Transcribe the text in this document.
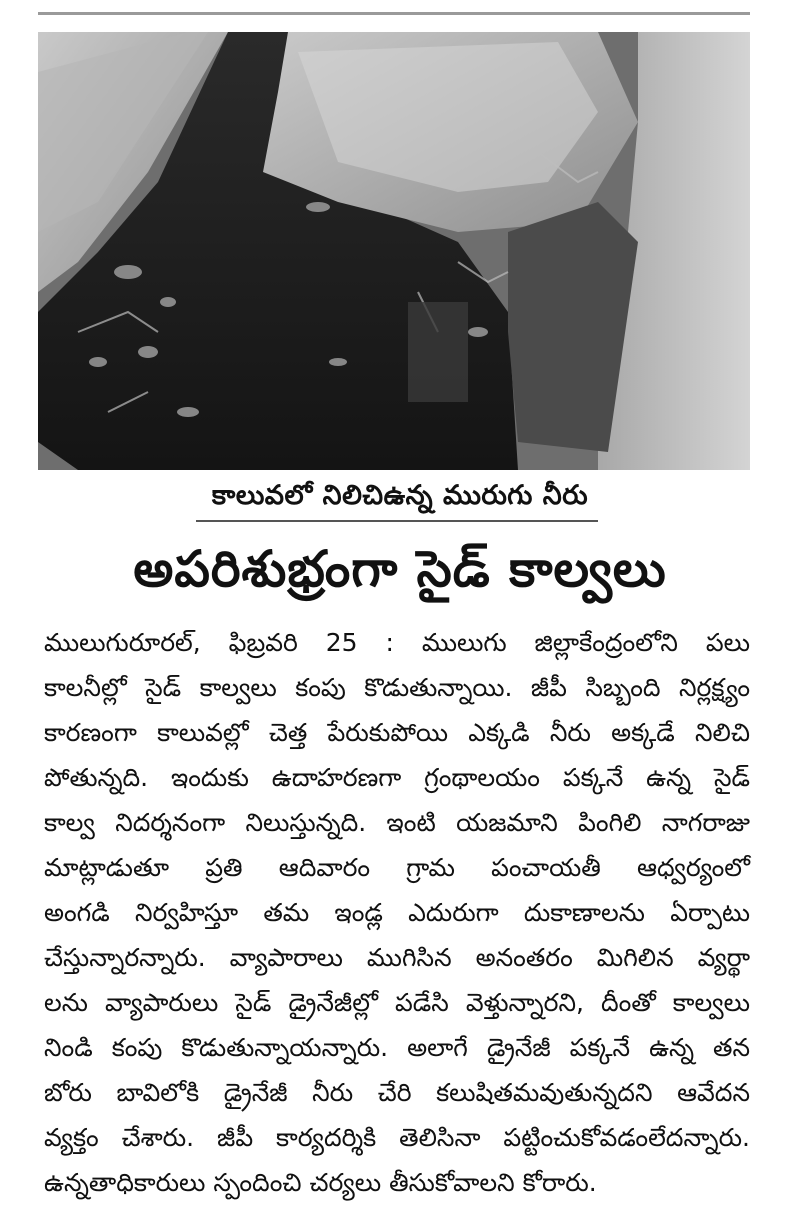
కాలువలో నిలిచిఉన్న మురుగు నీరు
అపరిశుభ్రంగా సైడ్ కాల్వలు
ములుగురూరల్, ఫిబ్రవరి 25 : ములుగు జిల్లాకేంద్రంలోని పలు
కాలనీల్లో సైడ్ కాల్వలు కంపు కొడుతున్నాయి. జీపీ సిబ్బంది నిర్లక్ష్యం
కారణంగా కాలువల్లో చెత్త పేరుకుపోయి ఎక్కడి నీరు అక్కడే నిలిచి
పోతున్నది. ఇందుకు ఉదాహరణగా గ్రంథాలయం పక్కనే ఉన్న సైడ్
కాల్వ నిదర్శనంగా నిలుస్తున్నది. ఇంటి యజమాని పింగిలి నాగరాజు
మాట్లాడుతూ ప్రతి ఆదివారం గ్రామ పంచాయతీ ఆధ్వర్యంలో
అంగడి నిర్వహిస్తూ తమ ఇండ్ల ఎదురుగా దుకాణాలను ఏర్పాటు
చేస్తున్నారన్నారు. వ్యాపారాలు ముగిసిన అనంతరం మిగిలిన వ్యర్థా
లను వ్యాపారులు సైడ్ డ్రైనేజీల్లో పడేసి వెళ్తున్నారని, దీంతో కాల్వలు
నిండి కంపు కొడుతున్నాయన్నారు. అలాగే డ్రైనేజీ పక్కనే ఉన్న తన
బోరు బావిలోకి డ్రైనేజీ నీరు చేరి కలుషితమవుతున్నదని ఆవేదన
వ్యక్తం చేశారు. జీపీ కార్యదర్శికి తెలిసినా పట్టించుకోవడంలేదన్నారు.
ఉన్నతాధికారులు స్పందించి చర్యలు తీసుకోవాలని కోరారు.
